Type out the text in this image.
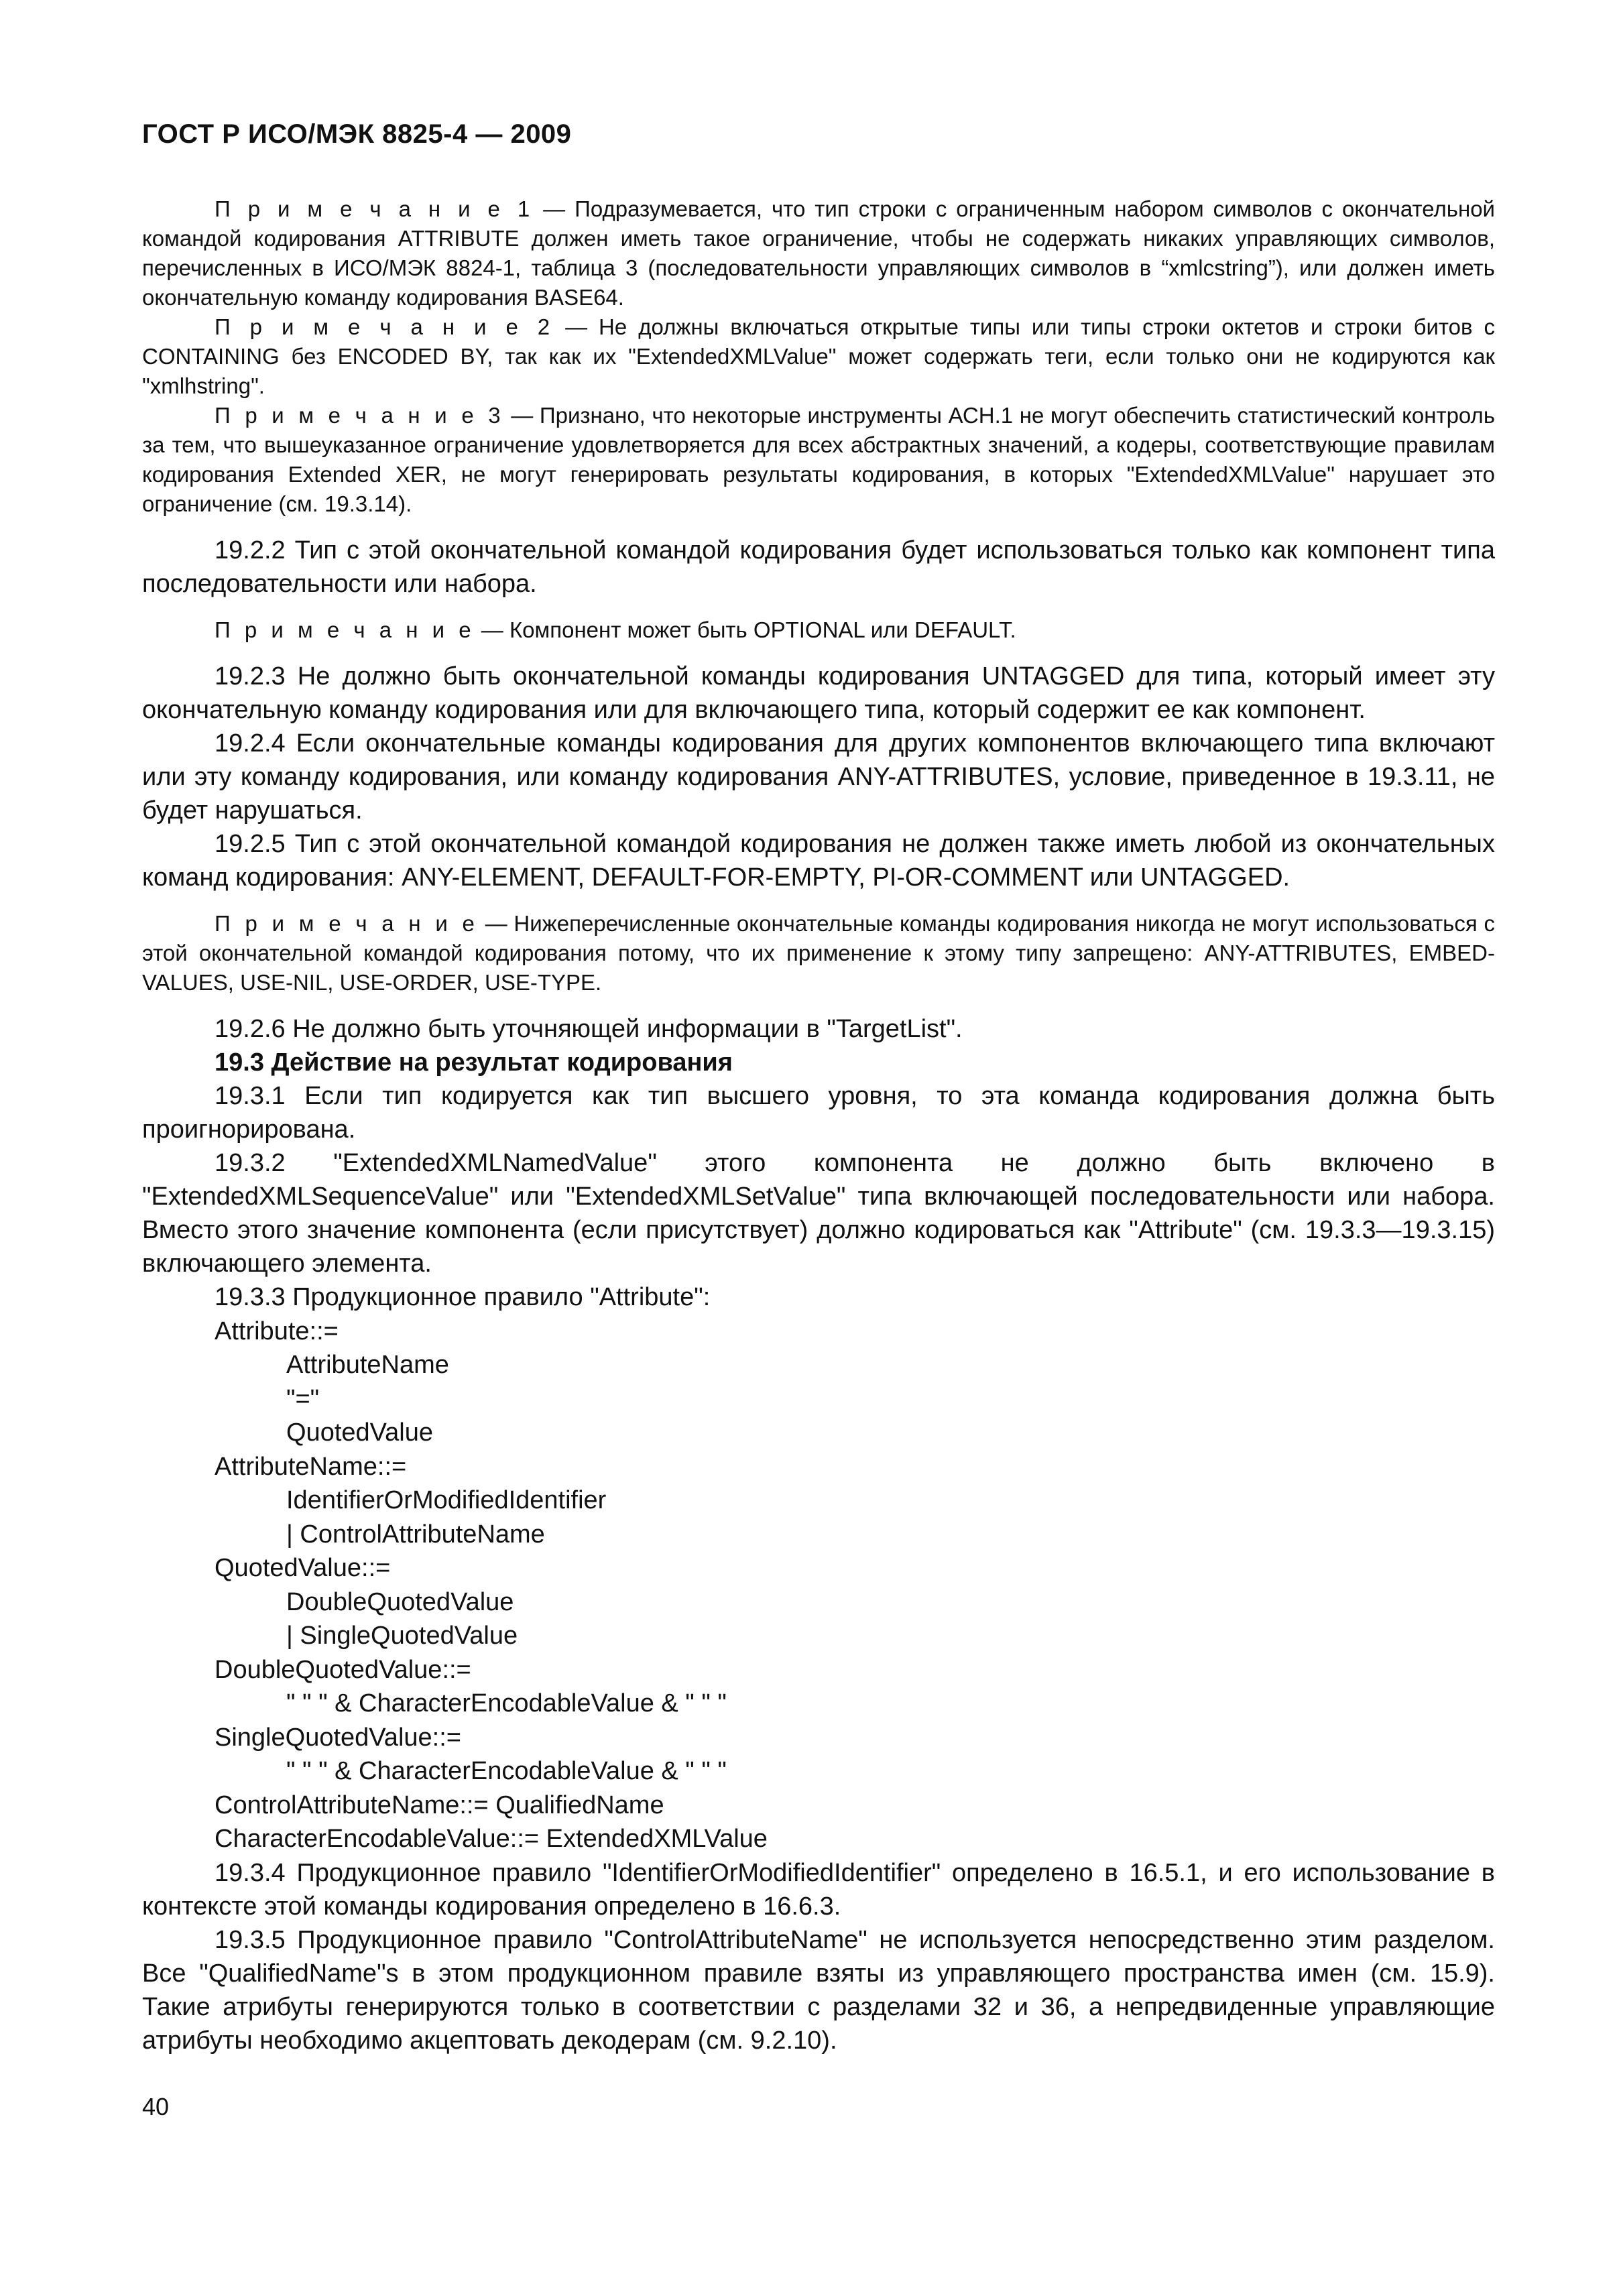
ГОСТ Р ИСО/МЭК 8825-4 — 2009

П р и м е ч а н и е 1 — Подразумевается, что тип строки с ограниченным набором символов с окончательной командой кодирования ATTRIBUTE должен иметь такое ограничение, чтобы не содержать никаких управляющих символов, перечисленных в ИСО/МЭК 8824-1, таблица 3 (последовательности управляющих символов в “xmlcstring”), или должен иметь окончательную команду кодирования BASE64.

П р и м е ч а н и е 2 — Не должны включаться открытые типы или типы строки октетов и строки битов с CONTAINING без ENCODED BY, так как их "ExtendedXMLValue" может содержать теги, если только они не кодируются как "xmlhstring".

П р и м е ч а н и е 3 — Признано, что некоторые инструменты АСН.1 не могут обеспечить статистический контроль за тем, что вышеуказанное ограничение удовлетворяется для всех абстрактных значений, а кодеры, соответствующие правилам кодирования Extended XER, не могут генерировать результаты кодирования, в которых "ExtendedXMLValue" нарушает это ограничение (см. 19.3.14).

19.2.2 Тип с этой окончательной командой кодирования будет использоваться только как компонент типа последовательности или набора.

П р и м е ч а н и е — Компонент может быть OPTIONAL или DEFAULT.

19.2.3 Не должно быть окончательной команды кодирования UNTAGGED для типа, который имеет эту окончательную команду кодирования или для включающего типа, который содержит ее как компонент.

19.2.4 Если окончательные команды кодирования для других компонентов включающего типа включают или эту команду кодирования, или команду кодирования ANY-ATTRIBUTES, условие, приведенное в 19.3.11, не будет нарушаться.

19.2.5 Тип с этой окончательной командой кодирования не должен также иметь любой из окончательных команд кодирования: ANY-ELEMENT, DEFAULT-FOR-EMPTY, PI-OR-COMMENT или UNTAGGED.

П р и м е ч а н и е — Нижеперечисленные окончательные команды кодирования никогда не могут использоваться с этой окончательной командой кодирования потому, что их применение к этому типу запрещено: ANY-ATTRIBUTES, EMBED-VALUES, USE-NIL, USE-ORDER, USE-TYPE.

19.2.6 Не должно быть уточняющей информации в "TargetList".

19.3 Действие на результат кодирования

19.3.1 Если тип кодируется как тип высшего уровня, то эта команда кодирования должна быть проигнорирована.

19.3.2 "ExtendedXMLNamedValue" этого компонента не должно быть включено в "ExtendedXMLSequenceValue" или "ExtendedXMLSetValue" типа включающей последовательности или набора. Вместо этого значение компонента (если присутствует) должно кодироваться как "Attribute" (см. 19.3.3—19.3.15) включающего элемента.

19.3.3 Продукционное правило "Attribute":

Attribute::=

AttributeName

"="

QuotedValue

AttributeName::=

IdentifierOrModifiedIdentifier

| ControlAttributeName

QuotedValue::=

DoubleQuotedValue

| SingleQuotedValue

DoubleQuotedValue::=

" " " & CharacterEncodableValue & " " "

SingleQuotedValue::=

" " " & CharacterEncodableValue & " " "

ControlAttributeName::= QualifiedName

CharacterEncodableValue::= ExtendedXMLValue

19.3.4 Продукционное правило "IdentifierOrModifiedIdentifier" определено в 16.5.1, и его использование в контексте этой команды кодирования определено в 16.6.3.

19.3.5 Продукционное правило "ControlAttributeName" не используется непосредственно этим разделом. Все "QualifiedName"s в этом продукционном правиле взяты из управляющего пространства имен (см. 15.9). Такие атрибуты генерируются только в соответствии с разделами 32 и 36, а непредвиденные управляющие атрибуты необходимо акцептовать декодерам (см. 9.2.10).

40
